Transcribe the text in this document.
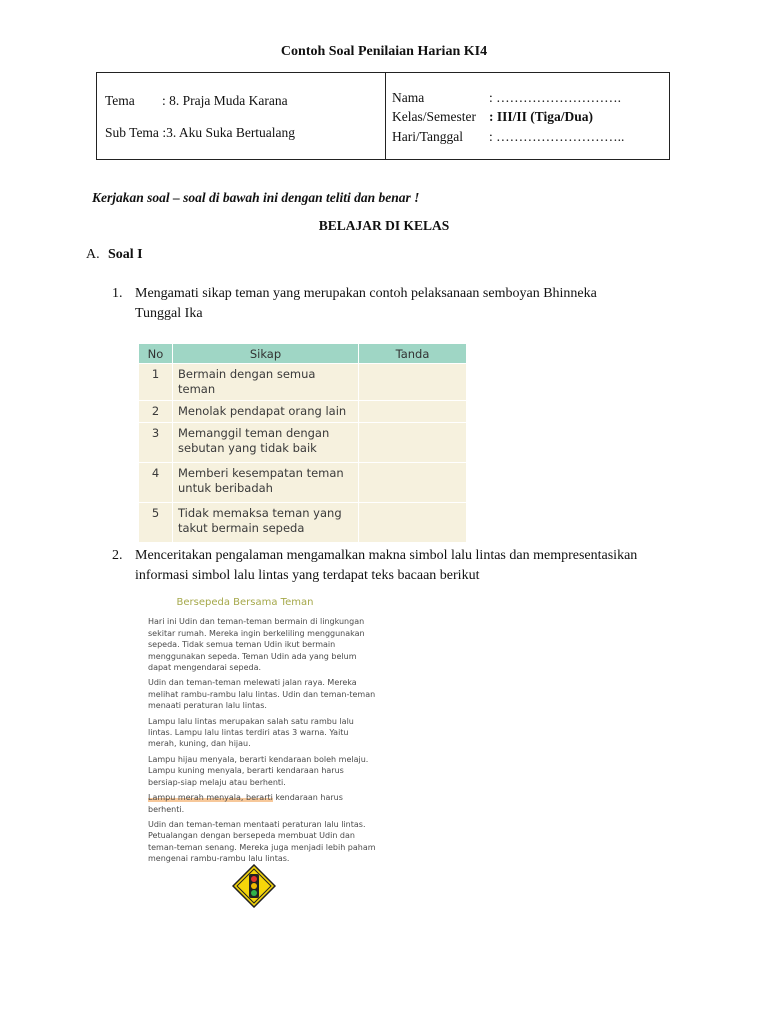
Contoh Soal Penilaian Harian KI4
Tema : 8. Praja Muda Karana
Sub Tema :3. Aku Suka Bertualang
Nama	: ……………………….
Kelas/Semester : III/II (Tiga/Dua)
Hari/Tanggal : ………………………..
Kerjakan soal – soal di bawah ini dengan teliti dan benar !
BELAJAR DI KELAS
A. Soal I
1. Mengamati sikap teman yang merupakan contoh pelaksanaan semboyan Bhinneka Tunggal Ika
No	Sikap	Tanda
1	Bermain dengan semua teman	
2	Menolak pendapat orang lain	
3	Memanggil teman dengan sebutan yang tidak baik	
4	Memberi kesempatan teman untuk beribadah	
5	Tidak memaksa teman yang takut bermain sepeda	
2. Menceritakan pengalaman mengamalkan makna simbol lalu lintas dan mempresentasikan informasi simbol lalu lintas yang terdapat teks bacaan berikut
Bersepeda Bersama Teman

Hari ini Udin dan teman-teman bermain di lingkungan sekitar rumah. Mereka ingin berkeliling menggunakan sepeda. Tidak semua teman Udin ikut bermain menggunakan sepeda. Teman Udin ada yang belum dapat mengendarai sepeda.

Udin dan teman-teman melewati jalan raya. Mereka melihat rambu-rambu lalu lintas. Udin dan teman-teman menaati peraturan lalu lintas.

Lampu lalu lintas merupakan salah satu rambu lalu lintas. Lampu lalu lintas terdiri atas 3 warna. Yaitu merah, kuning, dan hijau.

Lampu hijau menyala, berarti kendaraan boleh melaju. Lampu kuning menyala, berarti kendaraan harus bersiap-siap melaju atau berhenti.

Lampu merah menyala, berarti kendaraan harus berhenti.

Udin dan teman-teman mentaati peraturan lalu lintas. Petualangan dengan bersepeda membuat Udin dan teman-teman senang. Mereka juga menjadi lebih paham mengenai rambu-rambu lalu lintas.
